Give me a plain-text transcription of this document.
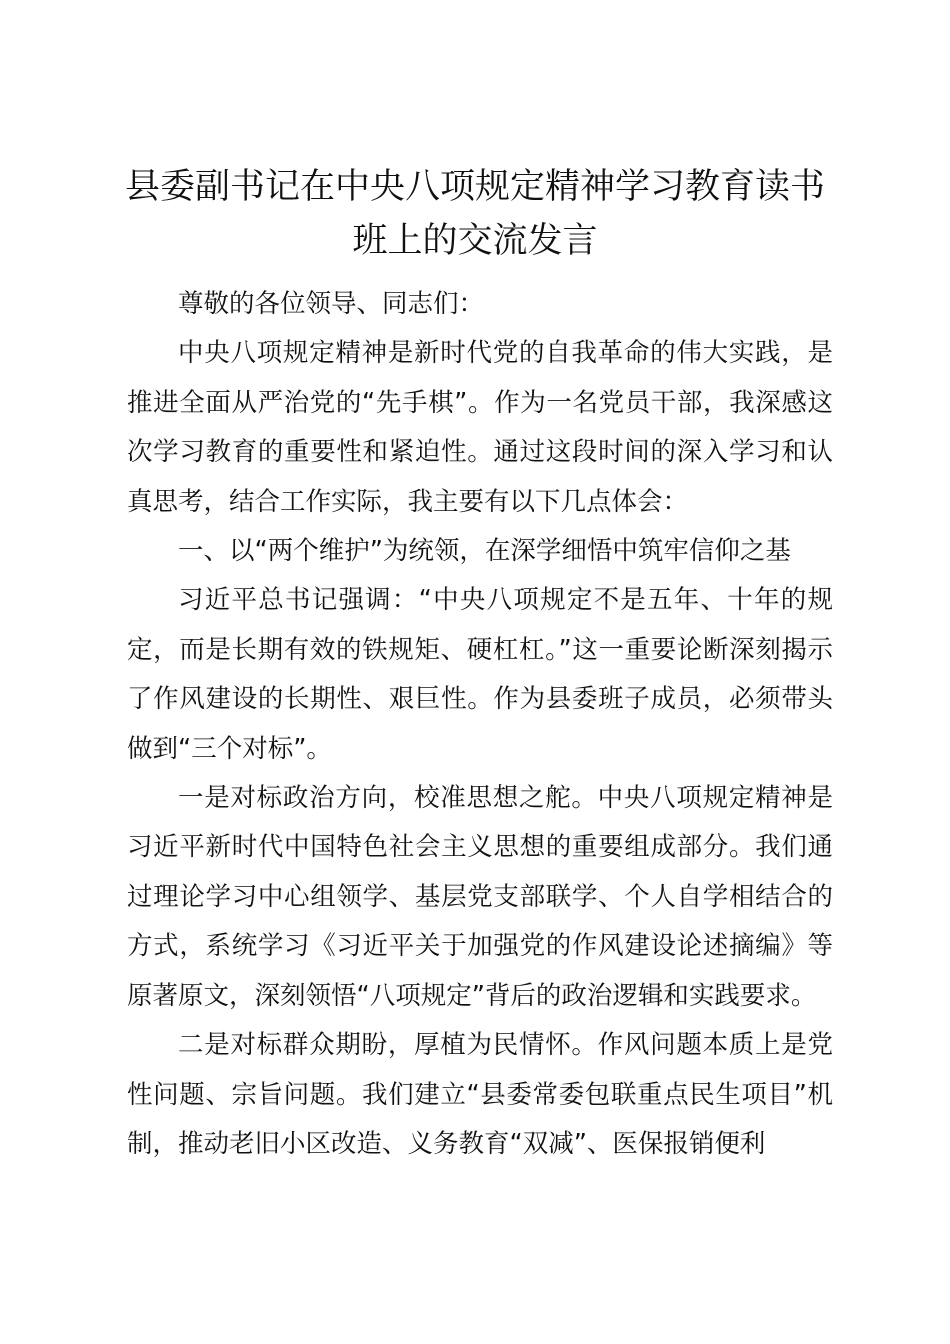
县委副书记在中央八项规定精神学习教育读书
班上的交流发言

尊敬的各位领导、同志们：

中央八项规定精神是新时代党的自我革命的伟大实践，是推进全面从严治党的“先手棋”。作为一名党员干部，我深感这次学习教育的重要性和紧迫性。通过这段时间的深入学习和认真思考，结合工作实际，我主要有以下几点体会：

一、以“两个维护”为统领，在深学细悟中筑牢信仰之基

习近平总书记强调：“中央八项规定不是五年、十年的规定，而是长期有效的铁规矩、硬杠杠。”这一重要论断深刻揭示了作风建设的长期性、艰巨性。作为县委班子成员，必须带头做到“三个对标”。

一是对标政治方向，校准思想之舵。中央八项规定精神是习近平新时代中国特色社会主义思想的重要组成部分。我们通过理论学习中心组领学、基层党支部联学、个人自学相结合的方式，系统学习《习近平关于加强党的作风建设论述摘编》等原著原文，深刻领悟“八项规定”背后的政治逻辑和实践要求。

二是对标群众期盼，厚植为民情怀。作风问题本质上是党性问题、宗旨问题。我们建立“县委常委包联重点民生项目”机制，推动老旧小区改造、义务教育“双减”、医保报销便利
